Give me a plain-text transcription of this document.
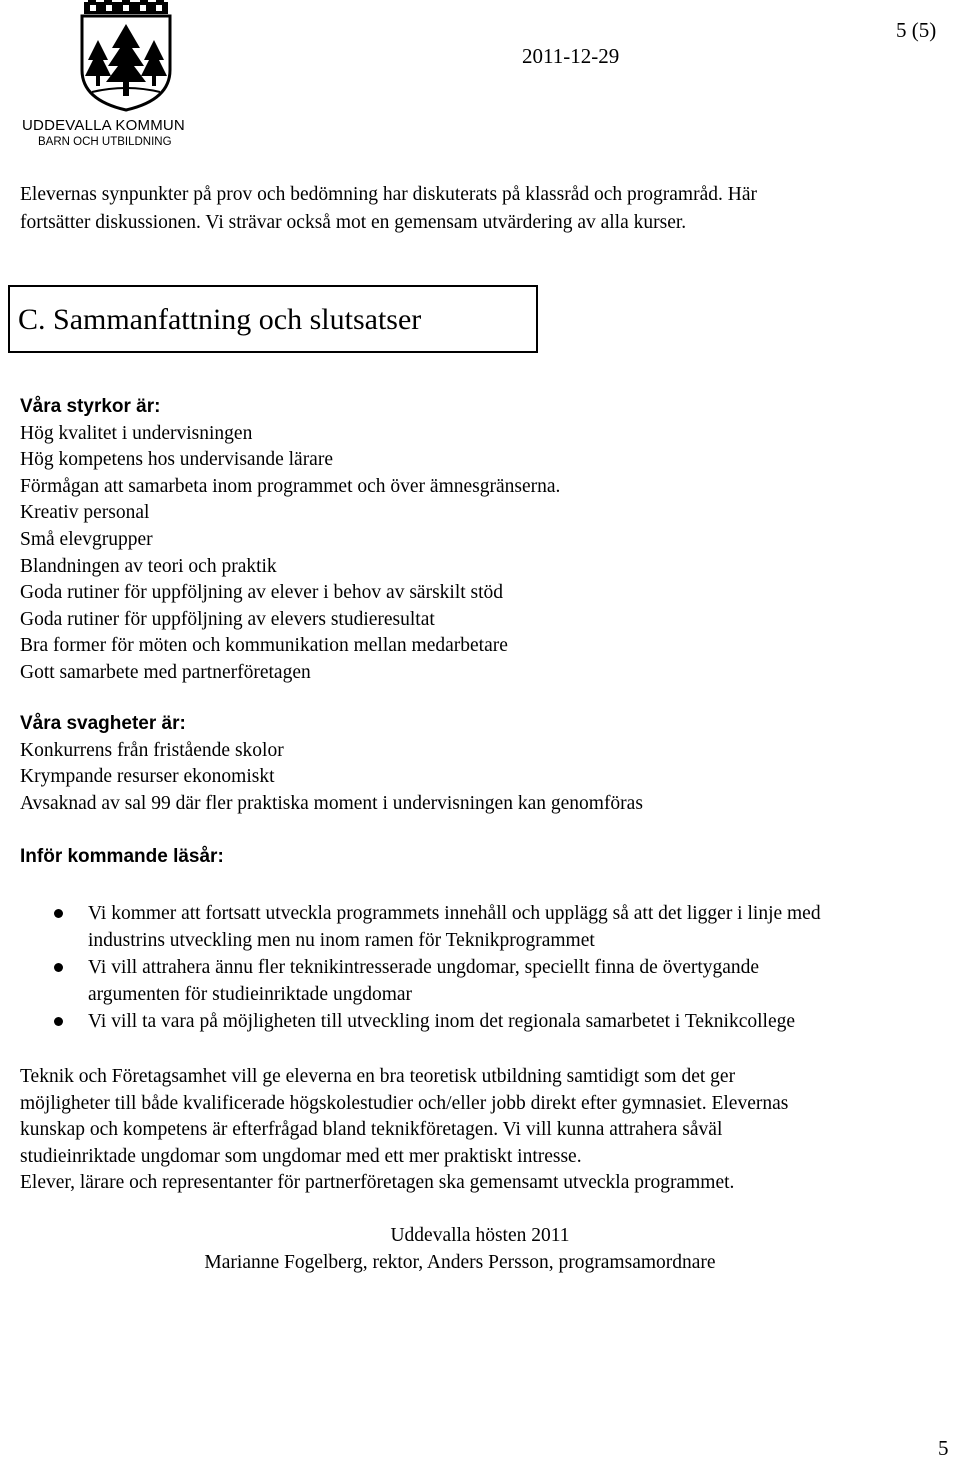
UDDEVALLA KOMMUN
BARN OCH UTBILDNING
2011-12-29
5 (5)

Elevernas synpunkter på prov och bedömning har diskuterats på klassråd och programråd. Här

fortsätter diskussionen. Vi strävar också mot en gemensam utvärdering av alla kurser.

C. Sammanfattning och slutsatser
Våra styrkor är:
Hög kvalitet i undervisningen
Hög kompetens hos undervisande lärare
Förmågan att samarbeta inom programmet och över ämnesgränserna.
Kreativ personal
Små elevgrupper
Blandningen av teori och praktik
Goda rutiner för uppföljning av elever i behov av särskilt stöd
Goda rutiner för uppföljning av elevers studieresultat
Bra former för möten och kommunikation mellan medarbetare
Gott samarbete med partnerföretagen
Våra svagheter är:
Konkurrens från fristående skolor
Krympande resurser ekonomiskt
Avsaknad av sal 99 där fler praktiska moment i undervisningen kan genomföras
Inför kommande läsår:
Vi kommer att fortsatt utveckla programmets innehåll och upplägg så att det ligger i linje med
industrins utveckling men nu inom ramen för Teknikprogrammet
Vi vill attrahera ännu fler teknikintresserade ungdomar, speciellt finna de övertygande
argumenten för studieinriktade ungdomar
Vi vill ta vara på möjligheten till utveckling inom det regionala samarbetet i Teknikcollege
Teknik och Företagsamhet vill ge eleverna en bra teoretisk utbildning samtidigt som det ger
möjligheter till både kvalificerade högskolestudier och/eller jobb direkt efter gymnasiet. Elevernas
kunskap och kompetens är efterfrågad bland teknikföretagen. Vi vill kunna attrahera såväl
studieinriktade ungdomar som ungdomar med ett mer praktiskt intresse.
Elever, lärare och representanter för partnerföretagen ska gemensamt utveckla programmet.
Uddevalla hösten 2011
Marianne Fogelberg, rektor, Anders Persson, programsamordnare
5
